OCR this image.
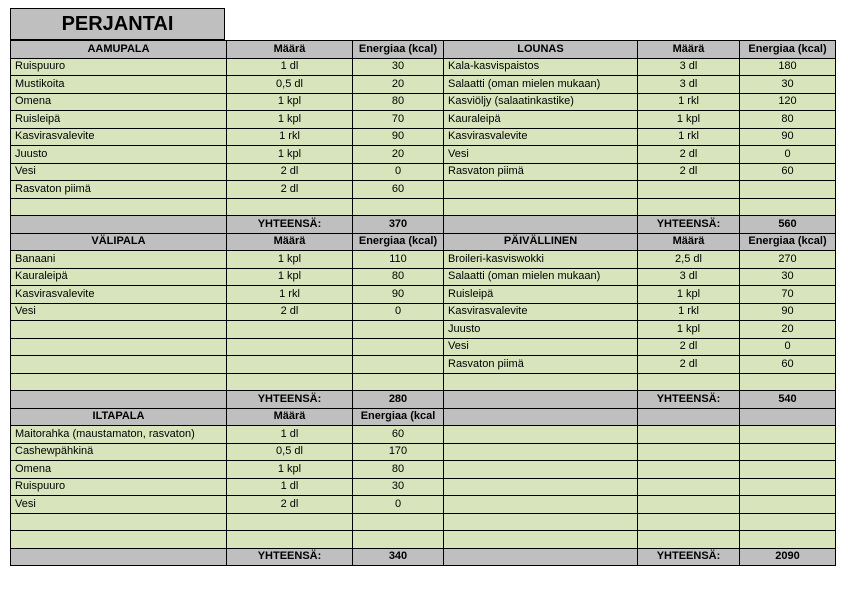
PERJANTAI
AAMUPALA	Määrä	Energiaa (kcal)	LOUNAS	Määrä	Energiaa (kcal)
Ruispuuro	1 dl	30	Kala-kasvispaistos	3 dl	180
Mustikoita	0,5 dl	20	Salaatti (oman mielen mukaan)	3 dl	30
Omena	1 kpl	80	Kasviöljy (salaatinkastike)	1 rkl	120
Ruisleipä	1 kpl	70	Kauraleipä	1 kpl	80
Kasvirasvalevite	1 rkl	90	Kasvirasvalevite	1 rkl	90
Juusto	1 kpl	20	Vesi	2 dl	0
Vesi	2 dl	0	Rasvaton piimä	2 dl	60
Rasvaton piimä	2 dl	60			

	YHTEENSÄ:	370		YHTEENSÄ:	560
VÄLIPALA	Määrä	Energiaa (kcal)	PÄIVÄLLINEN	Määrä	Energiaa (kcal)
Banaani	1 kpl	110	Broileri-kasviswokki	2,5 dl	270
Kauraleipä	1 kpl	80	Salaatti (oman mielen mukaan)	3 dl	30
Kasvirasvalevite	1 rkl	90	Ruisleipä	1 kpl	70
Vesi	2 dl	0	Kasvirasvalevite	1 rkl	90
			Juusto	1 kpl	20
			Vesi	2 dl	0
			Rasvaton piimä	2 dl	60

	YHTEENSÄ:	280		YHTEENSÄ:	540
ILTAPALA	Määrä	Energiaa (kcal			
Maitorahka (maustamaton, rasvaton)	1 dl	60			
Cashewpähkinä	0,5 dl	170			
Omena	1 kpl	80			
Ruispuuro	1 dl	30			
Vesi	2 dl	0			

	YHTEENSÄ:	340		YHTEENSÄ:	2090
